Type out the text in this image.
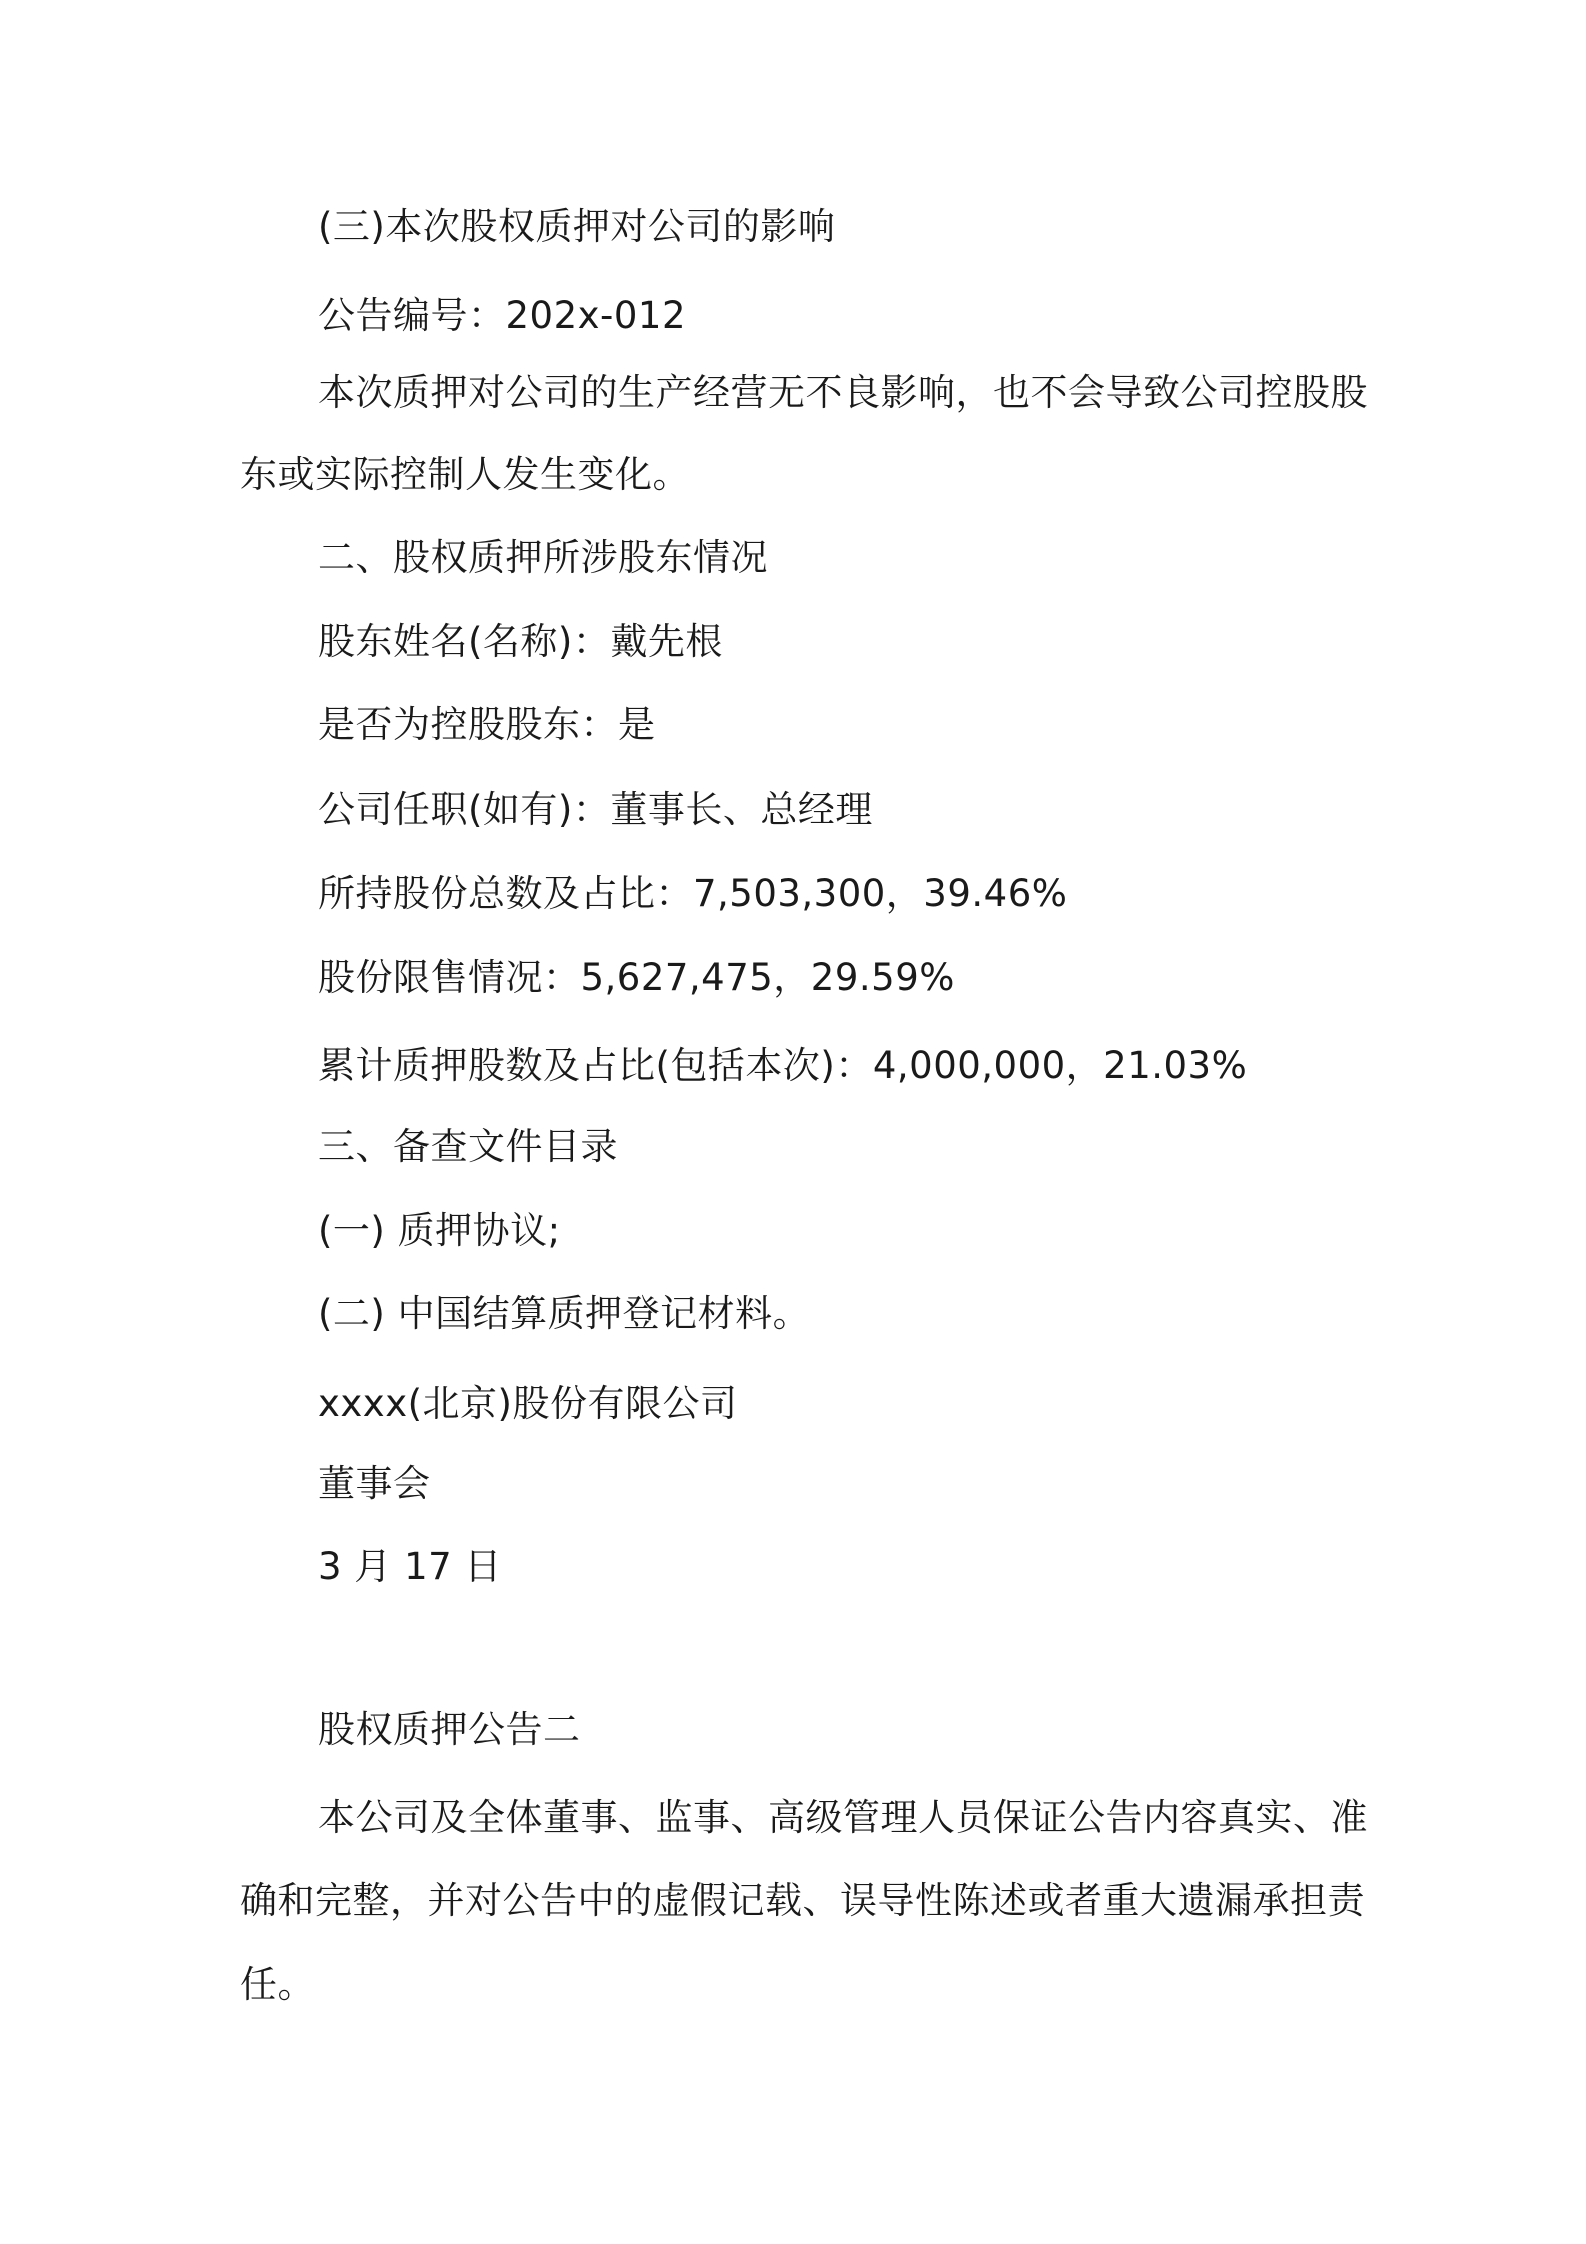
(三)本次股权质押对公司的影响
公告编号：202x-012
本次质押对公司的生产经营无不良影响，也不会导致公司控股股
东或实际控制人发生变化。
二、股权质押所涉股东情况
股东姓名(名称)：戴先根
是否为控股股东：是
公司任职(如有)：董事长、总经理
所持股份总数及占比：7,503,300，39.46%
股份限售情况：5,627,475，29.59%
累计质押股数及占比(包括本次)：4,000,000，21.03%
三、备查文件目录
(一) 质押协议;
(二) 中国结算质押登记材料。
xxxx(北京)股份有限公司
董事会
3 月 17 日
股权质押公告二
本公司及全体董事、监事、高级管理人员保证公告内容真实、准
确和完整，并对公告中的虚假记载、误导性陈述或者重大遗漏承担责
任。
